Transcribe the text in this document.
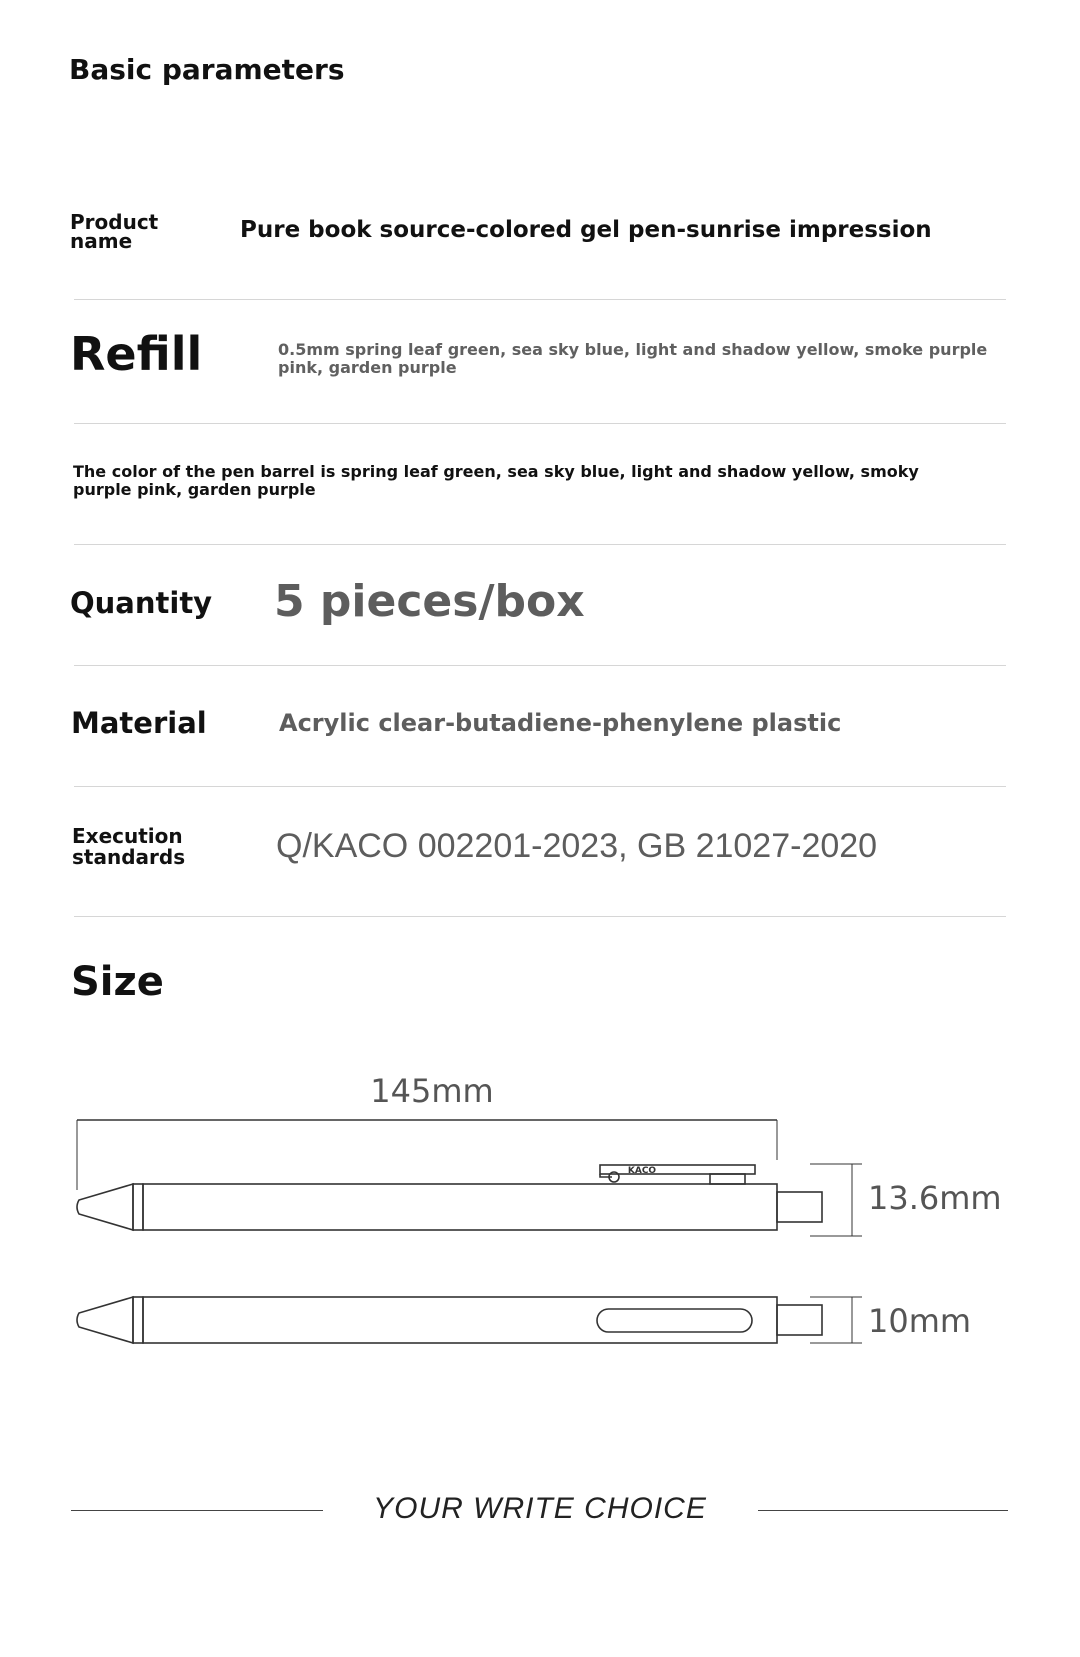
Basic parameters
Product name	Pure book source-colored gel pen-sunrise impression
Refill	0.5mm spring leaf green, sea sky blue, light and shadow yellow, smoke purple pink, garden purple
The color of the pen barrel is spring leaf green, sea sky blue, light and shadow yellow, smoky purple pink, garden purple
Quantity 5 pieces/box
Material	Acrylic clear-butadiene-phenylene plastic
Execution standards	Q/KACO 002201-2023, GB 21027-2020
Size
145mm
13.6mm
10mm
KACO
YOUR WRITE CHOICE
